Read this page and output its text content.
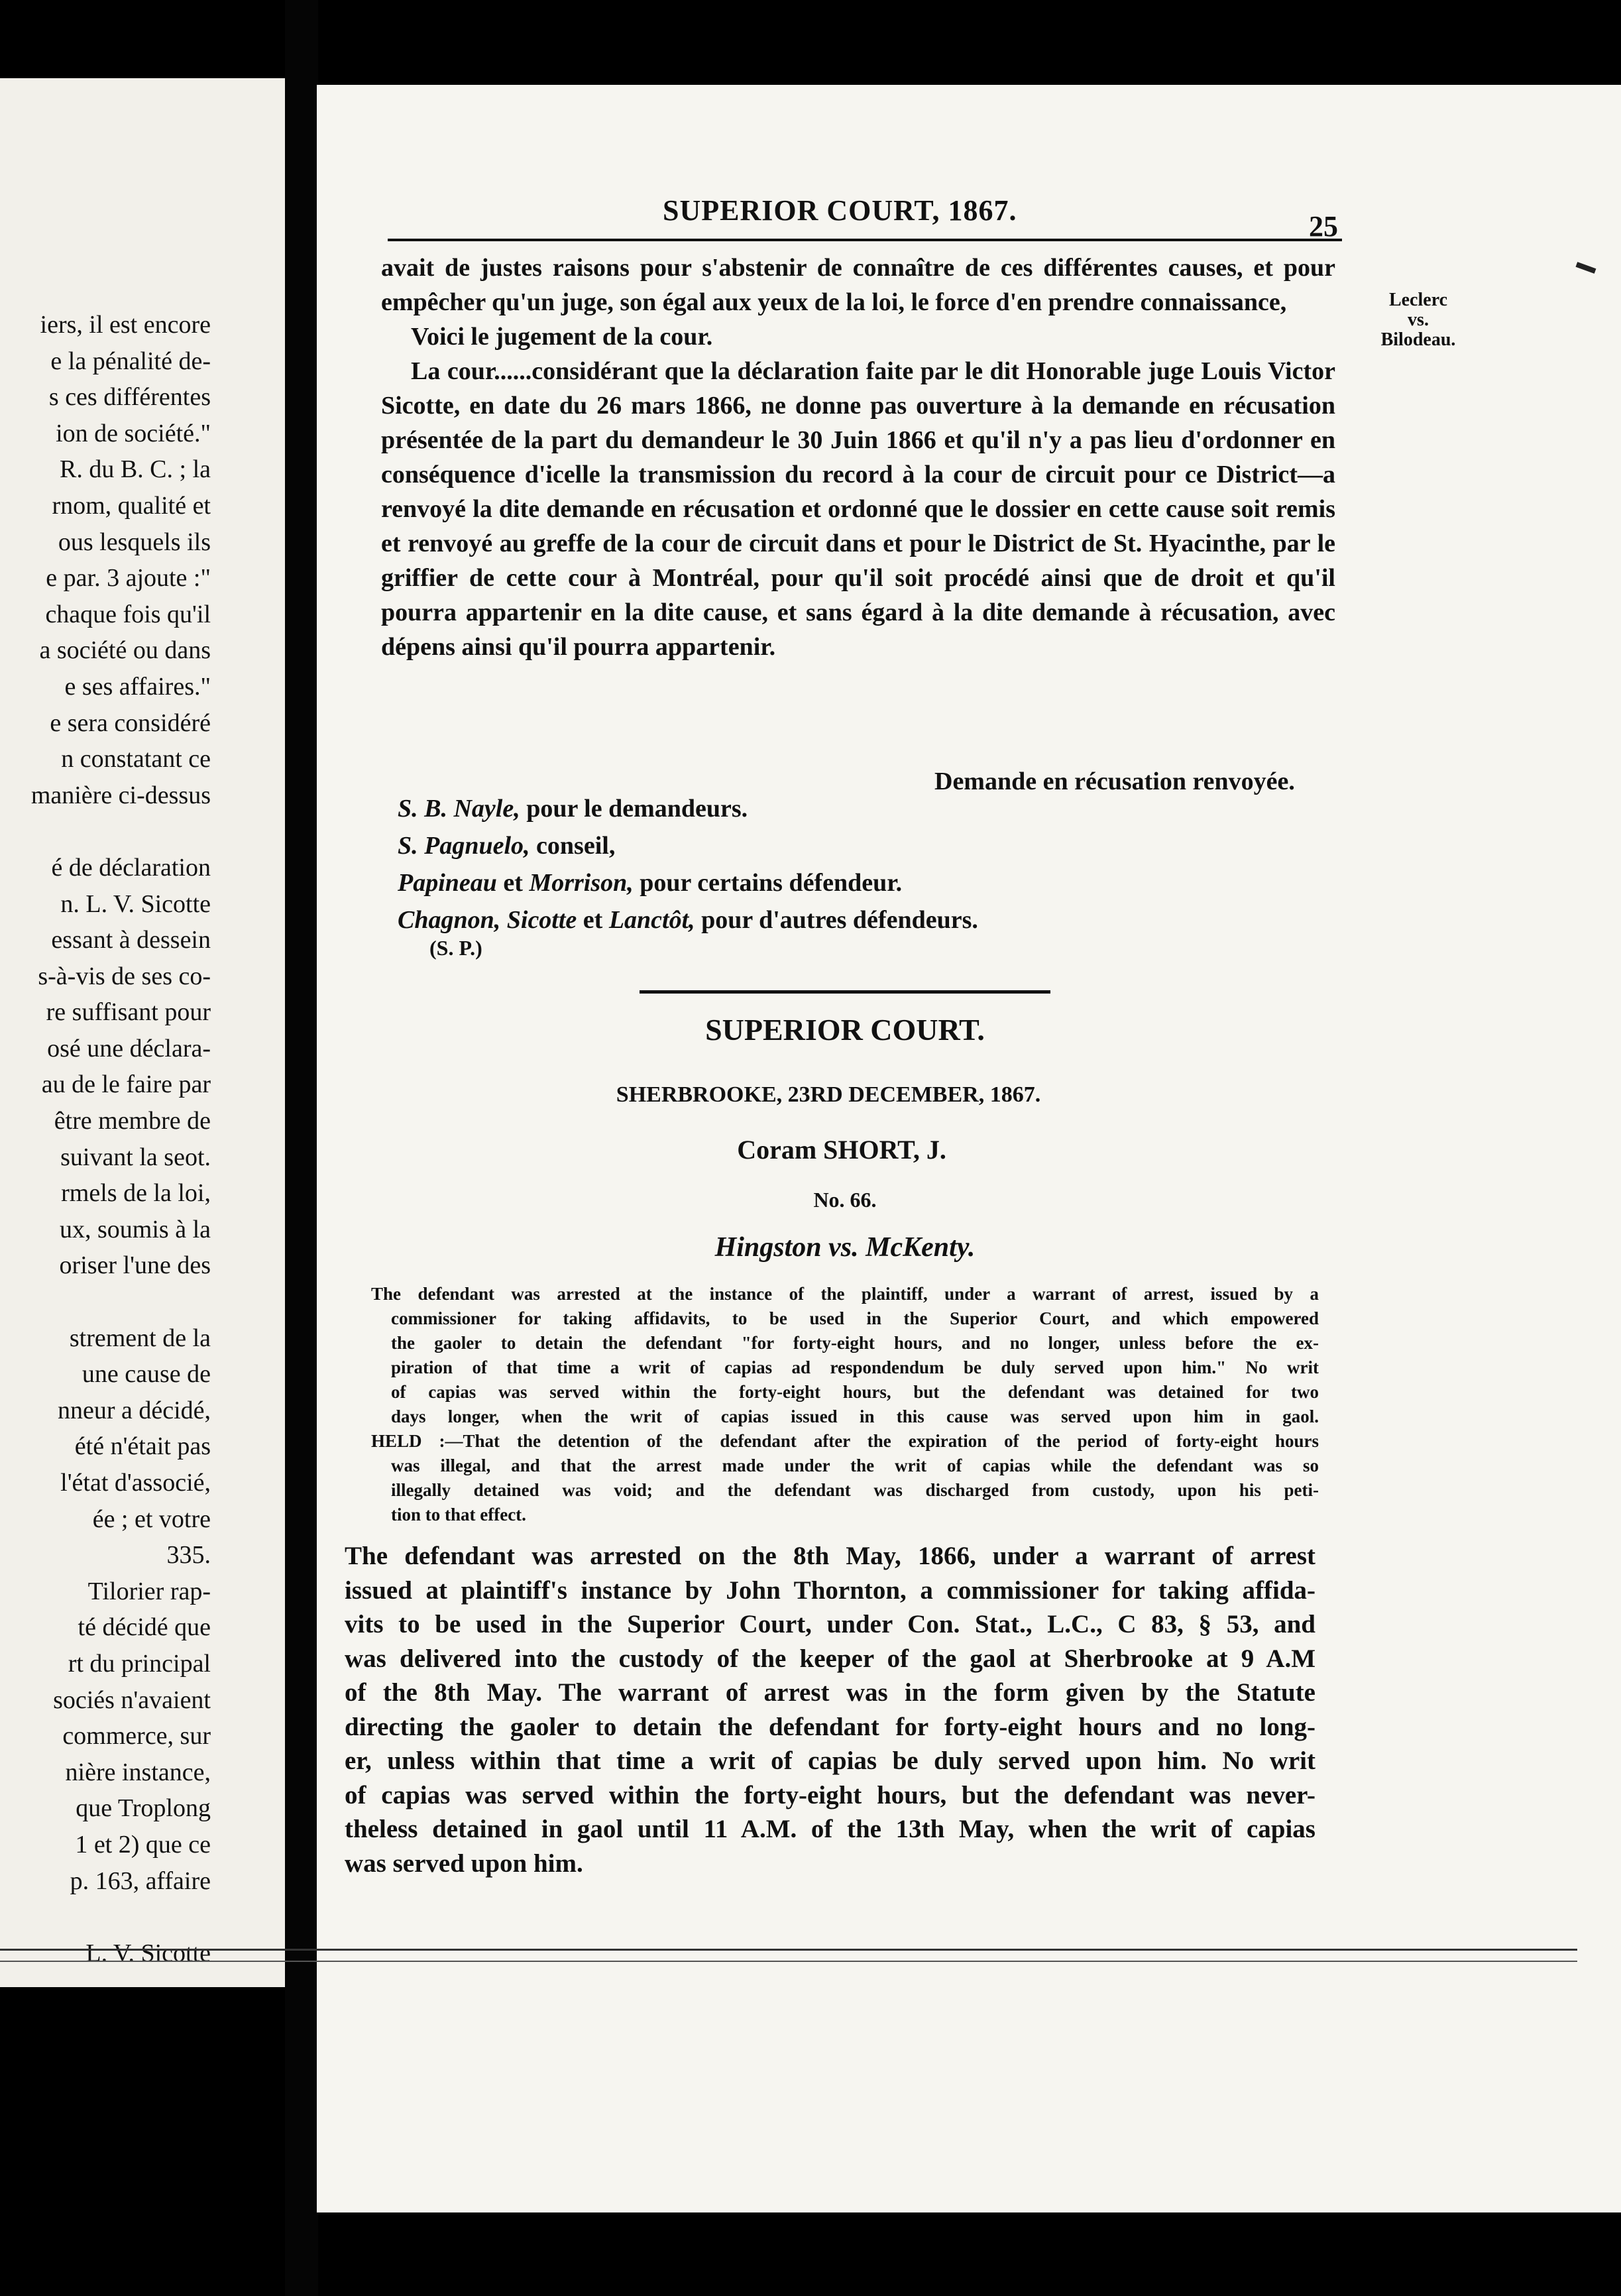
iers, il est encore
e la pénalité de-
s ces différentes
ion de société."
R. du B. C. ; la
rnom, qualité et
ous lesquels ils
e par. 3 ajoute :"
chaque fois qu'il
a société ou dans
e ses affaires."
e sera considéré
n constatant ce
manière ci-dessus
é de déclaration
n. L. V. Sicotte
essant à dessein
s-à-vis de ses co-
re suffisant pour
osé une déclara-
au de le faire par
être membre de
suivant la seot.
rmels de la loi,
ux, soumis à la
oriser l'une des
strement de la
une cause de
nneur a décidé,
été n'était pas
l'état d'associé,
ée ; et votre
335.
Tilorier rap-
té décidé que
rt du principal
sociés n'avaient
commerce, sur
nière instance,
que Troplong
1 et 2) que ce
p. 163, affaire
L. V. Sicotte
SUPERIOR COURT, 1867.	25
Leclerc
vs.
Bilodeau.
avait de justes raisons pour s'abstenir de connaître de ces différentes causes, et pour empêcher qu'un juge, son égal aux yeux de la loi, le force d'en prendre connaissance,
Voici le jugement de la cour.
La cour......considérant que la déclaration faite par le dit Honorable juge Louis Victor Sicotte, en date du 26 mars 1866, ne donne pas ouverture à la demande en récusation présentée de la part du demandeur le 30 Juin 1866 et qu'il n'y a pas lieu d'ordonner en conséquence d'icelle la transmission du record à la cour de circuit pour ce District—a renvoyé la dite demande en récusation et ordonné que le dossier en cette cause soit remis et renvoyé au greffe de la cour de circuit dans et pour le District de St. Hyacinthe, par le griffier de cette cour à Montréal, pour qu'il soit procédé ainsi que de droit et qu'il pourra appartenir en la dite cause, et sans égard à la dite demande à récusation, avec dépens ainsi qu'il pourra appartenir.
Demande en récusation renvoyée.
S. B. Nayle, pour le demandeurs.
S. Pagnuelo, conseil,
Papineau et Morrison, pour certains défendeur.
Chagnon, Sicotte et Lanctôt, pour d'autres défendeurs.
(S. P.)
SUPERIOR COURT.
SHERBROOKE, 23RD DECEMBER, 1867.
Coram SHORT, J.
No. 66.
Hingston vs. McKenty.
The defendant was arrested at the instance of the plaintiff, under a warrant of arrest, issued by a
commissioner for taking affidavits, to be used in the Superior Court, and which empowered
the gaoler to detain the defendant "for forty-eight hours, and no longer, unless before the ex-
piration of that time a writ of capias ad respondendum be duly served upon him." No writ
of capias was served within the forty-eight hours, but the defendant was detained for two
days longer, when the writ of capias issued in this cause was served upon him in gaol.
HELD :—That the detention of the defendant after the expiration of the period of forty-eight hours
was illegal, and that the arrest made under the writ of capias while the defendant was so
illegally detained was void; and the defendant was discharged from custody, upon his peti-
tion to that effect.
The defendant was arrested on the 8th May, 1866, under a warrant of arrest
issued at plaintiff's instance by John Thornton, a commissioner for taking affida-
vits to be used in the Superior Court, under Con. Stat., L.C., C 83, § 53, and
was delivered into the custody of the keeper of the gaol at Sherbrooke at 9 A.M
of the 8th May. The warrant of arrest was in the form given by the Statute
directing the gaoler to detain the defendant for forty-eight hours and no long-
er, unless within that time a writ of capias be duly served upon him. No writ
of capias was served within the forty-eight hours, but the defendant was never-
theless detained in gaol until 11 A.M. of the 13th May, when the writ of capias
was served upon him.
